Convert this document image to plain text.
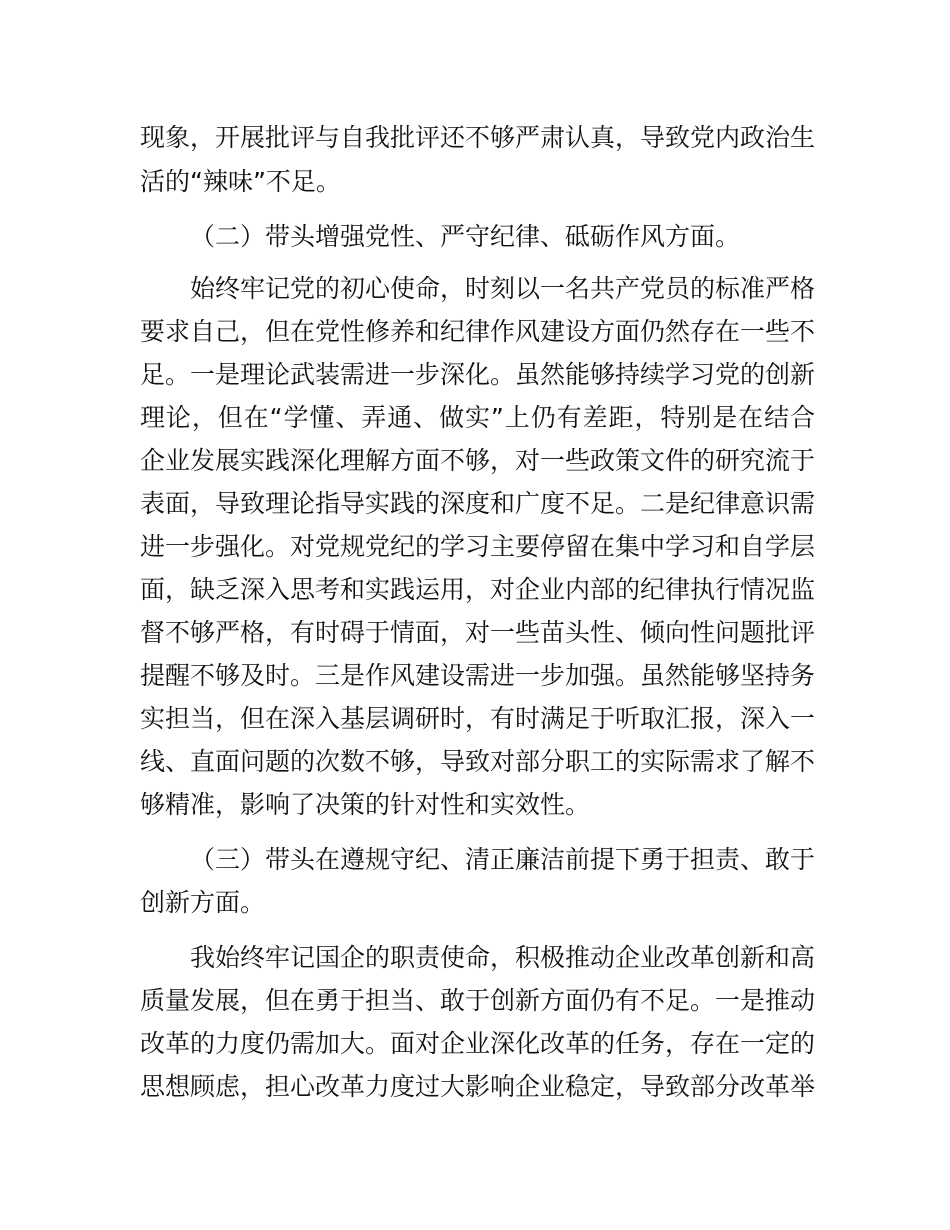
现象，开展批评与自我批评还不够严肃认真，导致党内政治生
活的“辣味”不足。
（二）带头增强党性、严守纪律、砥砺作风方面。
始终牢记党的初心使命，时刻以一名共产党员的标准严格
要求自己，但在党性修养和纪律作风建设方面仍然存在一些不
足。一是理论武装需进一步深化。虽然能够持续学习党的创新
理论，但在“学懂、弄通、做实”上仍有差距，特别是在结合
企业发展实践深化理解方面不够，对一些政策文件的研究流于
表面，导致理论指导实践的深度和广度不足。二是纪律意识需
进一步强化。对党规党纪的学习主要停留在集中学习和自学层
面，缺乏深入思考和实践运用，对企业内部的纪律执行情况监
督不够严格，有时碍于情面，对一些苗头性、倾向性问题批评
提醒不够及时。三是作风建设需进一步加强。虽然能够坚持务
实担当，但在深入基层调研时，有时满足于听取汇报，深入一
线、直面问题的次数不够，导致对部分职工的实际需求了解不
够精准，影响了决策的针对性和实效性。
（三）带头在遵规守纪、清正廉洁前提下勇于担责、敢于
创新方面。
我始终牢记国企的职责使命，积极推动企业改革创新和高
质量发展，但在勇于担当、敢于创新方面仍有不足。一是推动
改革的力度仍需加大。面对企业深化改革的任务，存在一定的
思想顾虑，担心改革力度过大影响企业稳定，导致部分改革举
